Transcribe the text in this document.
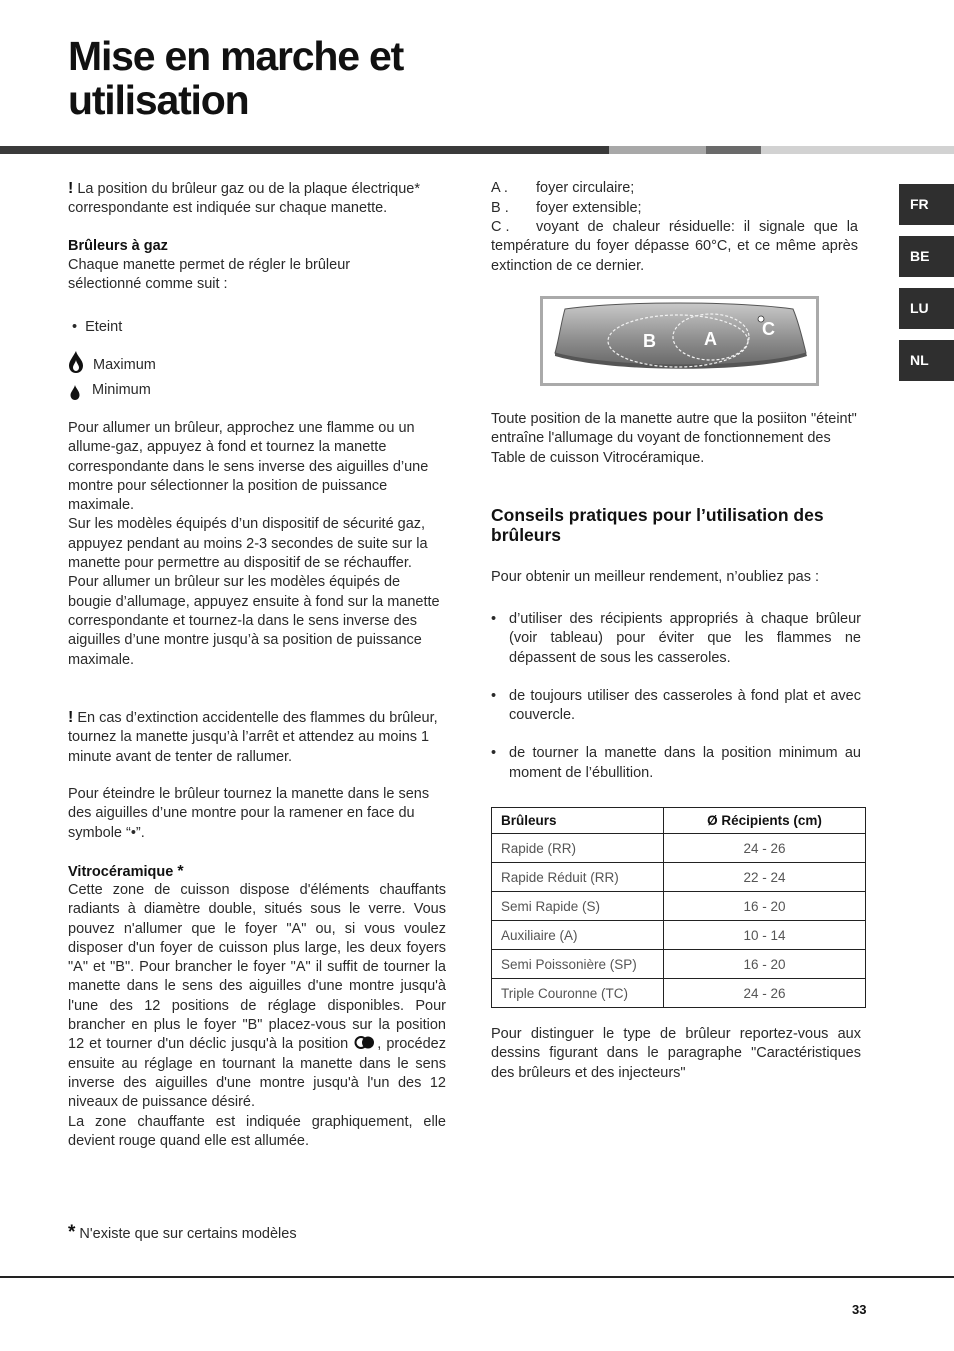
Mise en marche et
utilisation
FR
BE
LU
NL

! La position du brûleur gaz ou de la plaque électrique* correspondante est indiquée sur chaque manette.

Brûleurs à gaz

Chaque manette permet de régler le brûleur sélectionné comme suit :

• Eteint

Maximum

Minimum

Pour allumer un brûleur, approchez une flamme ou un allume-gaz, appuyez à fond et tournez la manette correspondante dans le sens inverse des aiguilles d’une montre pour sélectionner la position de puissance maximale.
Sur les modèles équipés d’un dispositif de sécurité gaz, appuyez pendant au moins 2-3 secondes de suite sur la manette pour permettre au dispositif de se réchauffer.
Pour allumer un brûleur sur les modèles équipés de bougie d’allumage, appuyez ensuite à fond sur la manette correspondante et tournez-la dans le sens inverse des aiguilles d’une montre jusqu’à sa position de puissance maximale.

! En cas d’extinction accidentelle des flammes du brûleur, tournez la manette jusqu’à l’arrêt et attendez au moins 1 minute avant de tenter de rallumer.

Pour éteindre le brûleur tournez la manette dans le sens des aiguilles d’une montre pour la ramener en face du symbole “•”.

Vitrocéramique *

Cette zone de cuisson dispose d'éléments chauffants radiants à diamètre double, situés sous le verre. Vous pouvez n'allumer que le foyer "A" ou, si vous voulez disposer d'un foyer de cuisson plus large, les deux foyers "A" et "B". Pour brancher le foyer "A" il suffit de tourner la manette dans le sens des aiguilles d'une montre jusqu'à l'une des 12 positions de réglage disponibles. Pour brancher en plus le foyer "B" placez-vous sur la position 12 et tourner d'un déclic jusqu'à la position , procédez ensuite au réglage en tournant la manette dans le sens inverse des aiguilles d'une montre jusqu'à l'un des 12 niveaux de puissance désiré.
La zone chauffante est indiquée graphiquement, elle devient rouge quand elle est allumée.

* N'existe que sur certains modèles

A . foyer circulaire;

B . foyer extensible;

C . voyant de chaleur résiduelle: il signale que la température du foyer dépasse 60°C, et ce même après extinction de ce dernier.

B	A	C

Toute position de la manette autre que la posiiton "éteint" entraîne l'allumage du voyant de fonctionnement des Table de cuisson Vitrocéramique.

Conseils pratiques pour l’utilisation des brûleurs

Pour obtenir un meilleur rendement, n’oubliez pas :

• d’utiliser des récipients appropriés à chaque brûleur (voir tableau) pour éviter que les flammes ne dépassent de sous les casseroles.
• de toujours utiliser des casseroles à fond plat et avec couvercle.
• de tourner la manette dans la position minimum au moment de l’ébullition.
Brûleurs	Ø Récipients (cm)
Rapide (RR)	24 - 26
Rapide Réduit (RR)	22 - 24
Semi Rapide (S)	16 - 20
Auxiliaire (A)	10 - 14
Semi Poissonière (SP)	16 - 20
Triple Couronne (TC)	24 - 26

Pour distinguer le type de brûleur reportez-vous aux dessins figurant dans le paragraphe "Caractéristiques des brûleurs et des injecteurs"

33
